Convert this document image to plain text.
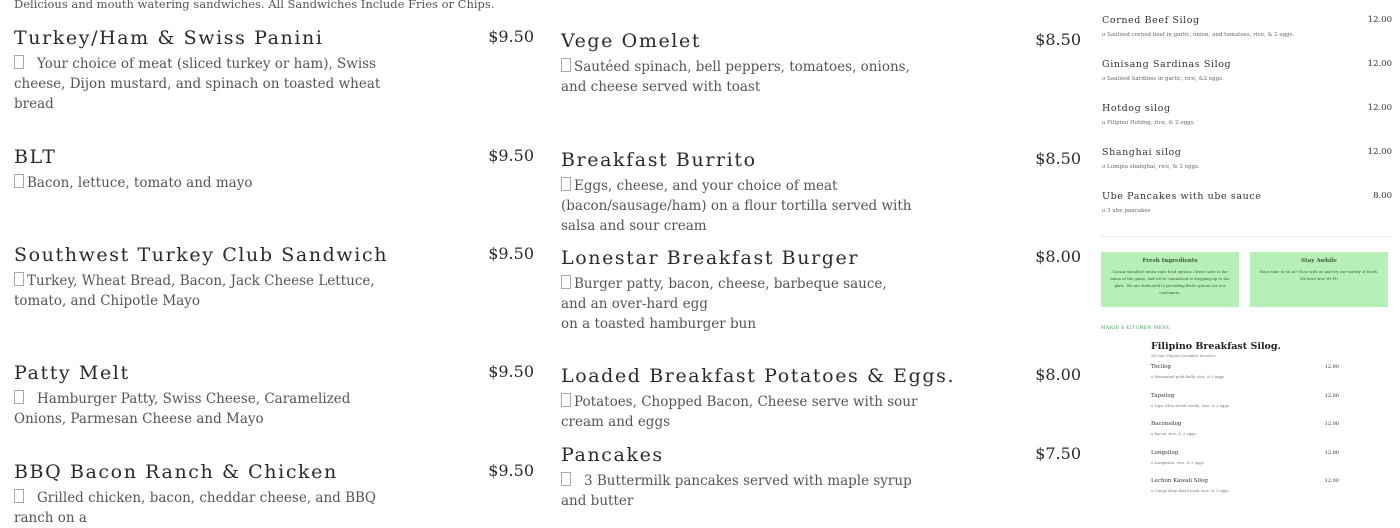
Delicious and mouth watering sandwiches. All Sandwiches Include Fries or Chips.
Turkey/Ham & Swiss Panini	$9.50
Your choice of meat (sliced turkey or ham), Swiss cheese, Dijon mustard, and spinach on toasted wheat bread
BLT	$9.50
Bacon, lettuce, tomato and mayo
Southwest Turkey Club Sandwich	$9.50
Turkey, Wheat Bread, Bacon, Jack Cheese Lettuce, tomato, and Chipotle Mayo
Patty Melt	$9.50
Hamburger Patty, Swiss Cheese, Caramelized Onions, Parmesan Cheese and Mayo
BBQ Bacon Ranch & Chicken	$9.50
Grilled chicken, bacon, cheddar cheese, and BBQ ranch on a
Vege Omelet	$8.50
Sautéed spinach, bell peppers, tomatoes, onions, and cheese served with toast
Breakfast Burrito	$8.50
Eggs, cheese, and your choice of meat (bacon/sausage/ham) on a flour tortilla served with salsa and sour cream
Lonestar Breakfast Burger	$8.00
Burger patty, bacon, cheese, barbeque sauce, and an over-hard egg
on a toasted hamburger bun
Loaded Breakfast Potatoes & Eggs.	$8.00
Potatoes, Chopped Bacon, Cheese serve with sour cream and eggs
Pancakes	$7.50
3 Buttermilk pancakes served with maple syrup and butter
Corned Beef Silog	12.00
o Sautéed corned beef in garlic, onion, and tomatoes, rice, & 2 eggs.
Ginisang Sardinas Silog	12.00
o Sautéed Sardines in garlic, rice, &2 eggs.
Hotdog silog	12.00
o Filipino Hotdog, rice, & 2 eggs.
Shanghai silog	12.00
o Lumpia shanghai, rice, & 2 eggs.
Ube Pancakes with ube sauce	8.00
o 3 ube pancakes
Fresh Ingredients
Casual shouldn't mean stale food options. Great taste is the name of the game, and we're committed to stepping up to the plate. We are dedicated to providing fresh options for our customers.
Stay Awhile
Have time to sit in? Stow with us and try our variety of foods. We have free Wi-Fi!
MARIE'S KITCHEN MENU
Filipino Breakfast Silog.
All time Filipino breakfast favorites.
Tocilog	12.00
o Marinated pork belly, rice, & 2 eggs.
Tapsilog	12.00
o Tapa (thin sliced steak), rice, & 2 eggs.
Baconsilog	12.00
o bacon, rice, & 2 eggs.
Longsilog	12.00
o Longanisa, rice, & 2 eggs.
Lechon Kawali Silog	12.00
o Crispy deep dried pork, rice, & 2 eggs.
